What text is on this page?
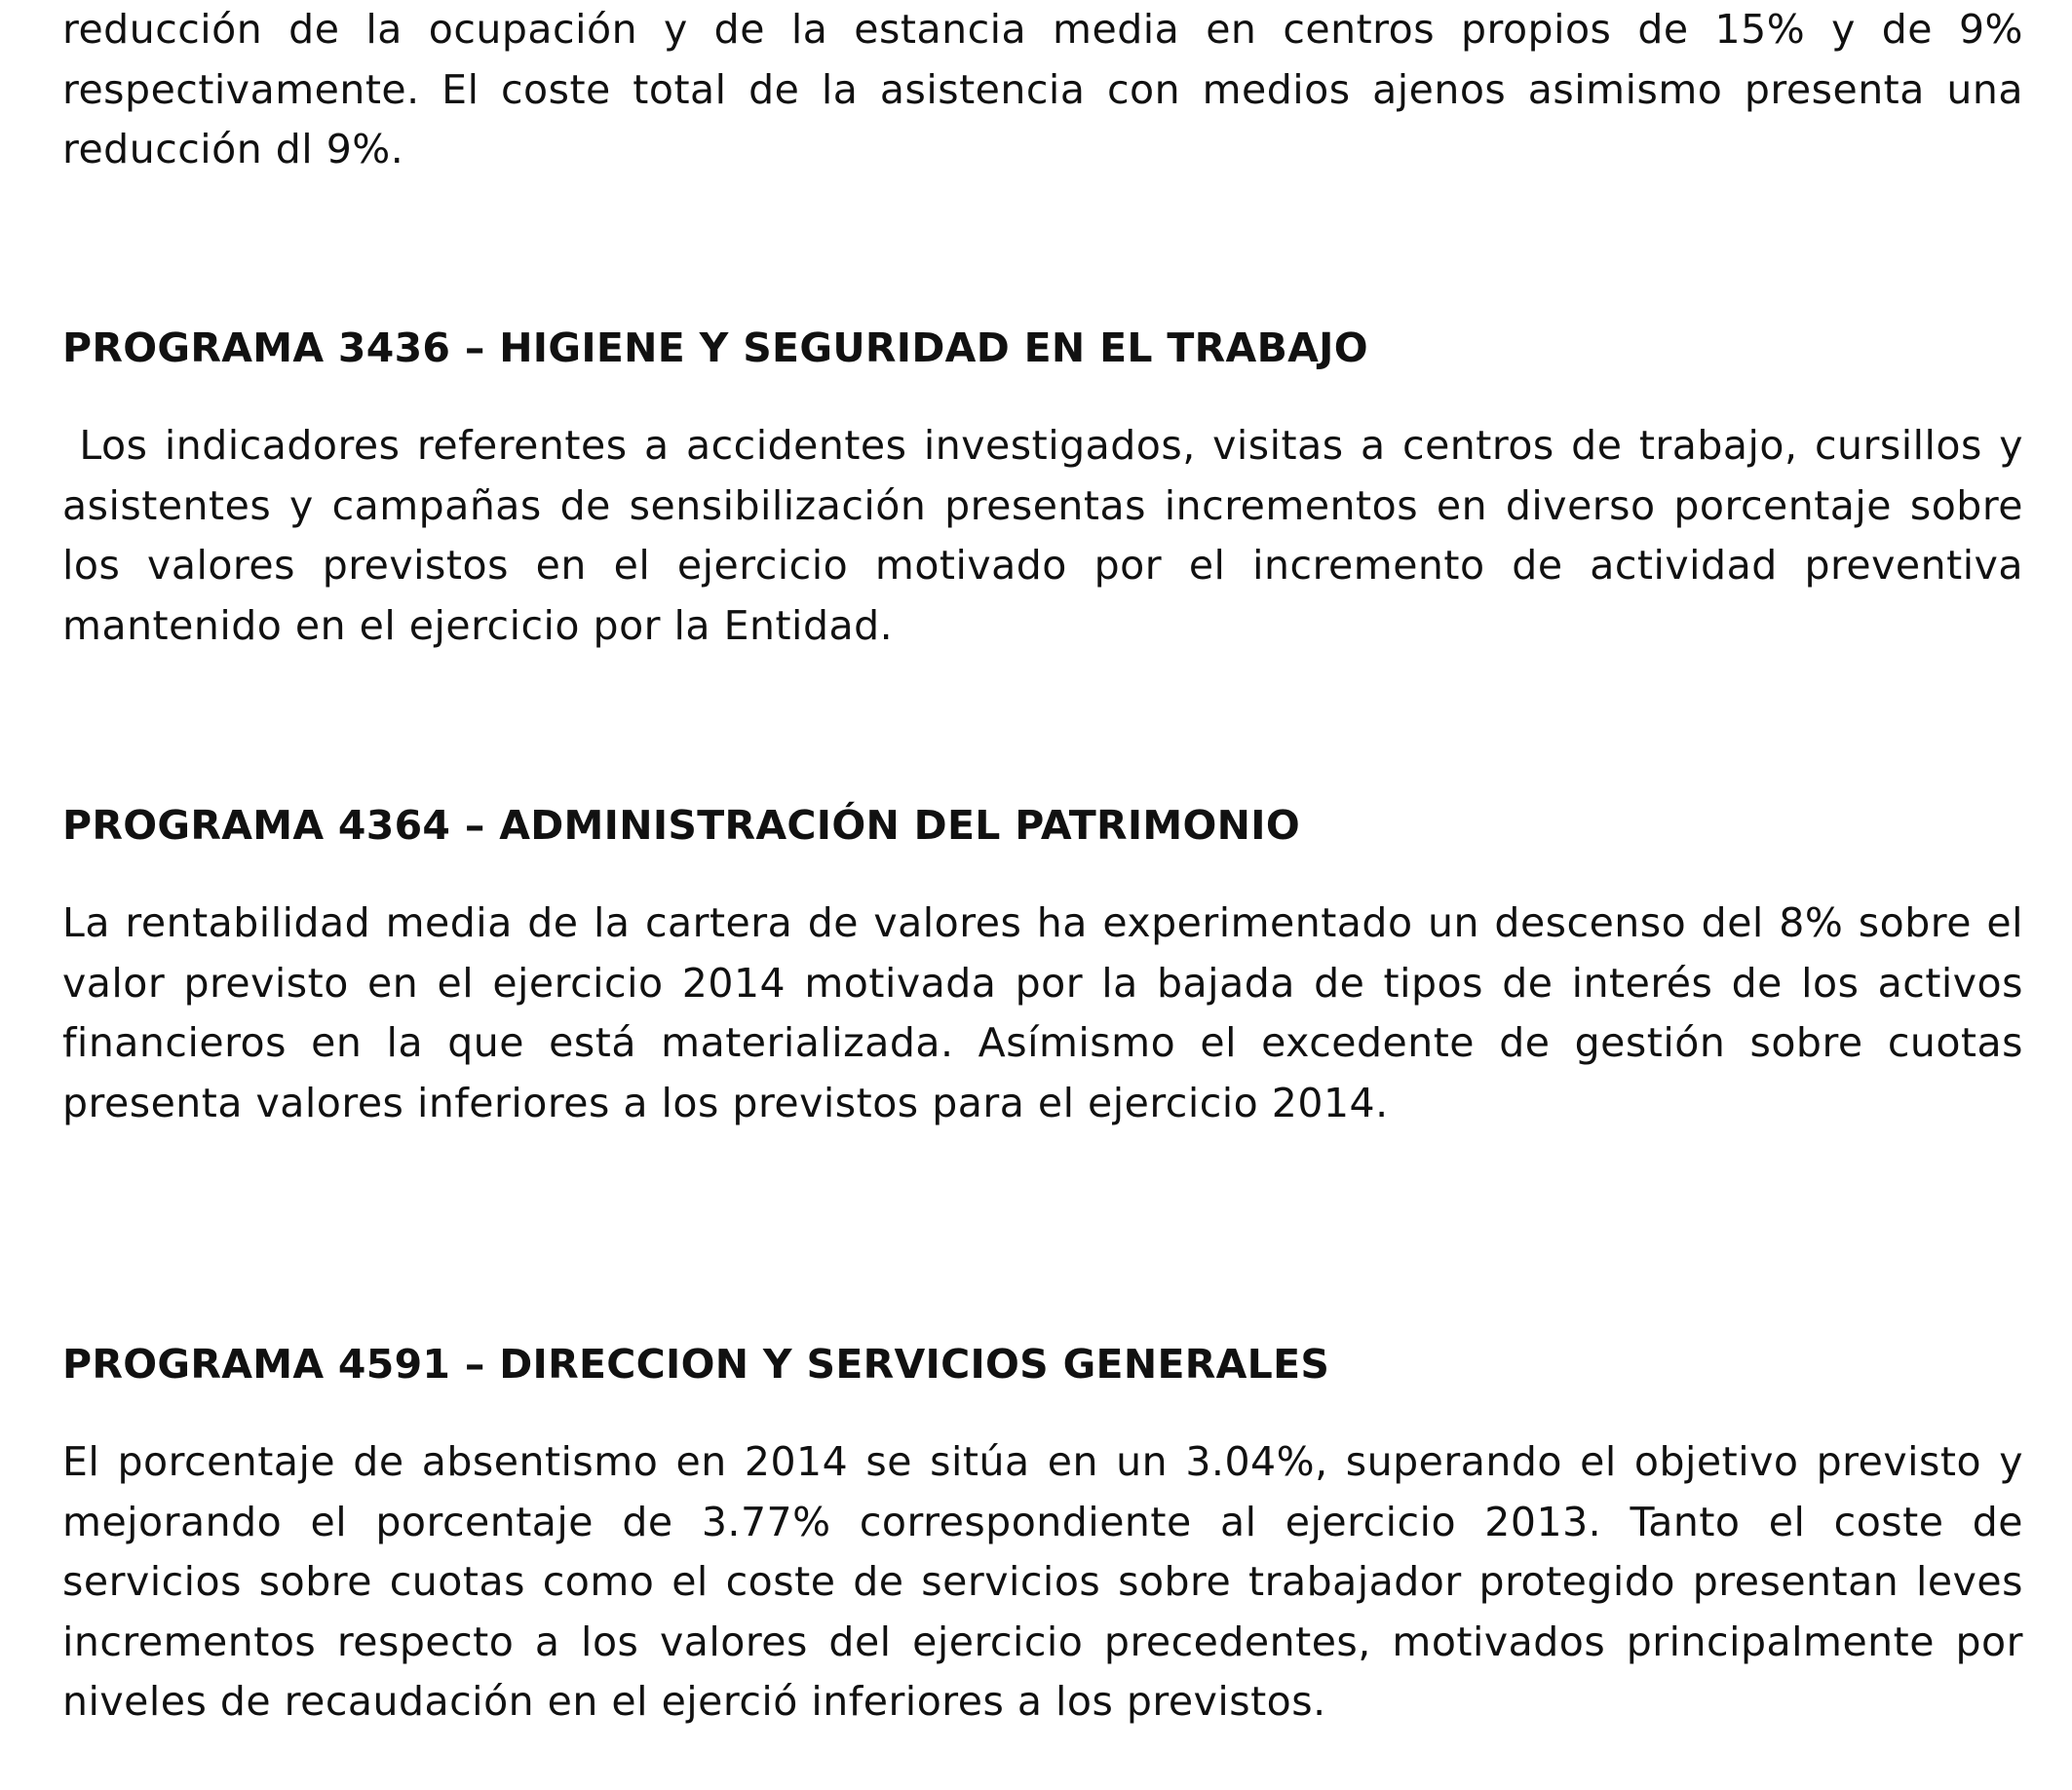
reducción de la ocupación y de la estancia media en centros propios de 15% y de 9% respectivamente. El coste total de la asistencia con medios ajenos asimismo presenta una reducción dl 9%.

PROGRAMA 3436 – HIGIENE Y SEGURIDAD EN EL TRABAJO

Los indicadores referentes a accidentes investigados, visitas a centros de trabajo, cursillos y asistentes y campañas de sensibilización presentas incrementos en diverso porcentaje sobre los valores previstos en el ejercicio motivado por el incremento de actividad preventiva mantenido en el ejercicio por la Entidad.

PROGRAMA 4364 – ADMINISTRACIÓN DEL PATRIMONIO

La rentabilidad media de la cartera de valores ha experimentado un descenso del 8% sobre el valor previsto en el ejercicio 2014 motivada por la bajada de tipos de interés de los activos financieros en la que está materializada. Asímismo el excedente de gestión sobre cuotas presenta valores inferiores a los previstos para el ejercicio 2014.

PROGRAMA 4591 – DIRECCION Y SERVICIOS GENERALES

El porcentaje de absentismo en 2014 se sitúa en un 3.04%, superando el objetivo previsto y mejorando el porcentaje de 3.77% correspondiente al ejercicio 2013. Tanto el coste de servicios sobre cuotas como el coste de servicios sobre trabajador protegido presentan leves incrementos respecto a los valores del ejercicio precedentes, motivados principalmente por niveles de recaudación en el ejerció inferiores a los previstos.
